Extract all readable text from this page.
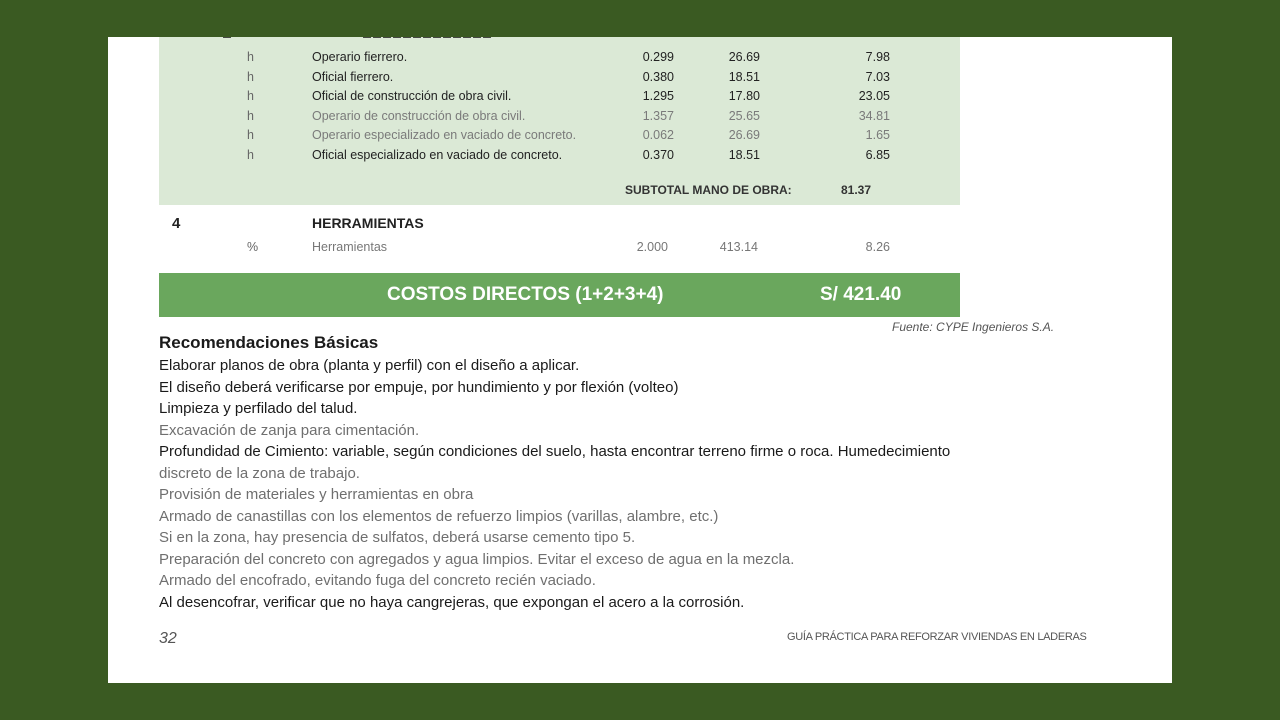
h	Operario fierrero.	0.299	26.69	7.98
h	Oficial fierrero.	0.380	18.51	7.03
h	Oficial de construcción de obra civil.	1.295	17.80	23.05
h	Operario de construcción de obra civil.	1.357	25.65	34.81
h	Operario especializado en vaciado de concreto.	0.062	26.69	1.65
h	Oficial especializado en vaciado de concreto.	0.370	18.51	6.85
SUBTOTAL MANO DE OBRA:	81.37
4	HERRAMIENTAS
%	Herramientas	2.000	413.14	8.26
COSTOS DIRECTOS (1+2+3+4)	S/ 421.40
Fuente: CYPE Ingenieros S.A.
Recomendaciones Básicas
Elaborar planos de obra (planta y perfil) con el diseño a aplicar.
El diseño deberá verificarse por empuje, por hundimiento y por flexión (volteo)
Limpieza y perfilado del talud.
Excavación de zanja para cimentación.
Profundidad de Cimiento: variable, según condiciones del suelo, hasta encontrar terreno firme o roca. Humedecimiento
discreto de la zona de trabajo.
Provisión de materiales y herramientas en obra
Armado de canastillas con los elementos de refuerzo limpios (varillas, alambre, etc.)
Si en la zona, hay presencia de sulfatos, deberá usarse cemento tipo 5.
Preparación del concreto con agregados y agua limpios. Evitar el exceso de agua en la mezcla.
Armado del encofrado, evitando fuga del concreto recién vaciado.
Al desencofrar, verificar que no haya cangrejeras, que expongan el acero a la corrosión.
32	GUÍA PRÁCTICA PARA REFORZAR VIVIENDAS EN LADERAS
